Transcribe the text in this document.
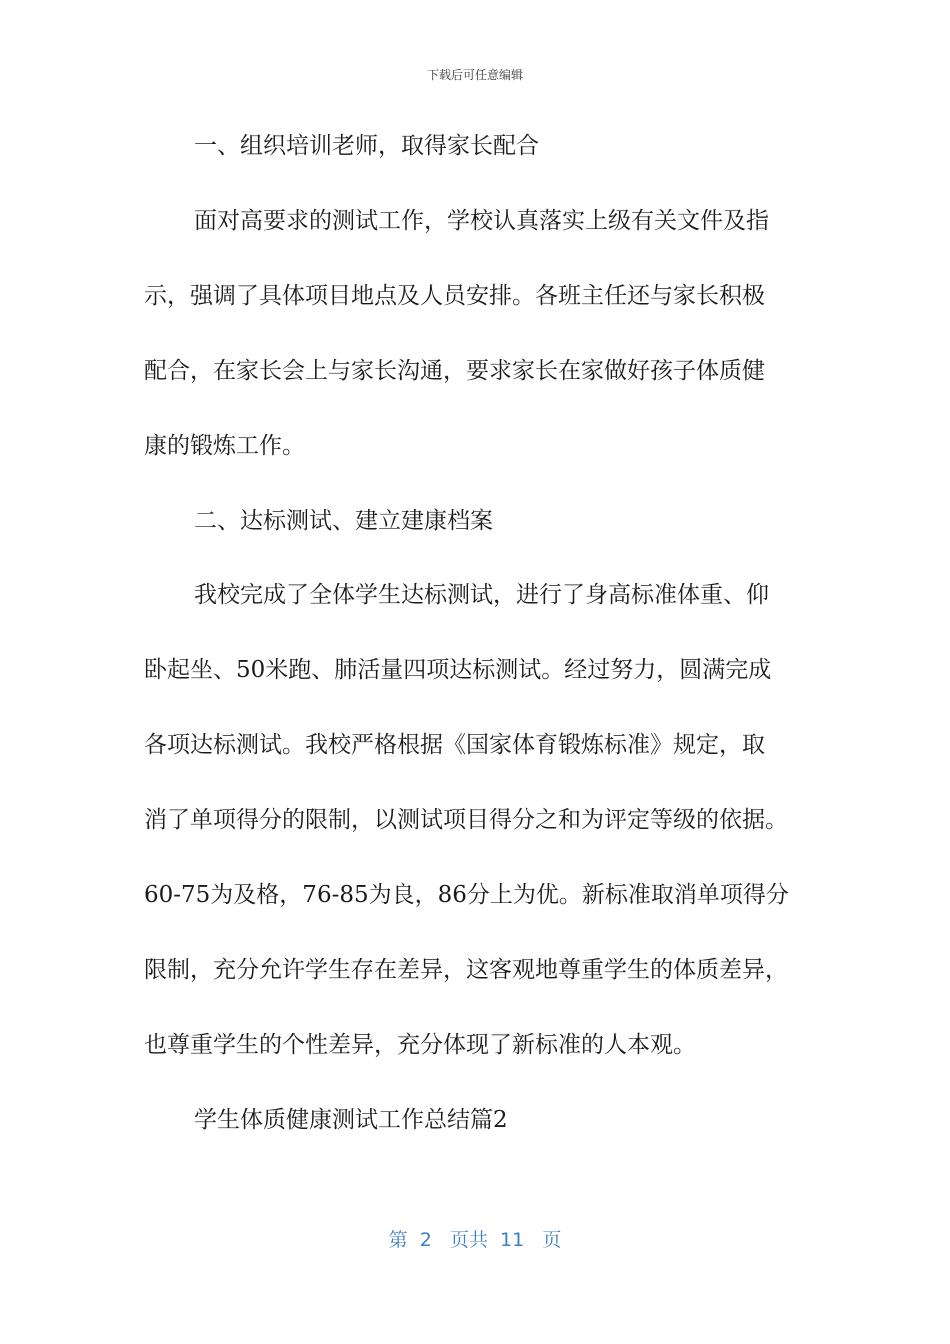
下载后可任意编辑

一、组织培训老师，取得家长配合

面对高要求的测试工作，学校认真落实上级有关文件及指

示，强调了具体项目地点及人员安排。各班主任还与家长积极

配合，在家长会上与家长沟通，要求家长在家做好孩子体质健

康的锻炼工作。

二、达标测试、建立建康档案

我校完成了全体学生达标测试，进行了身高标准体重、仰

卧起坐、50米跑、肺活量四项达标测试。经过努力，圆满完成

各项达标测试。我校严格根据《国家体育锻炼标准》规定，取

消了单项得分的限制，以测试项目得分之和为评定等级的依据。

60-75为及格，76-85为良，86分上为优。新标准取消单项得分

限制，充分允许学生存在差异，这客观地尊重学生的体质差异，

也尊重学生的个性差异，充分体现了新标准的人本观。

学生体质健康测试工作总结篇2

第 2 页共 11 页
